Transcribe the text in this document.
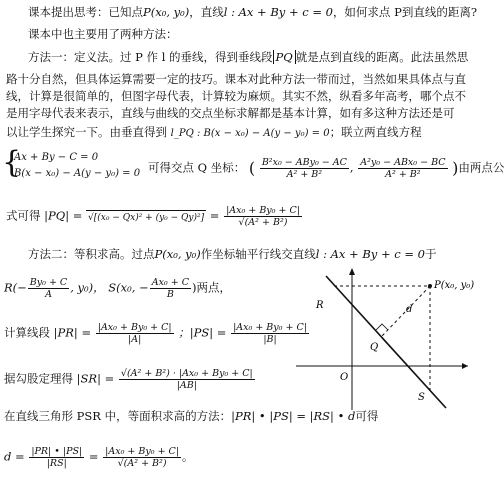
课本提出思考：已知点P(x₀, y₀)，直线l : Ax + By + c = 0，如何求点 P到直线的距离?
课本中也主要用了两种方法：
方法一：定义法。过 P 作 l 的垂线，得到垂线段 PQ 就是点到直线的距离。此法虽然思
路十分自然，但具体运算需要一定的技巧。课本对此种方法一带而过，当然如果具体点与直
线，计算是很简单的，但图字母代表，计算较为麻烦。其实不然，纵看多年高考，哪个点不
是用字母代表来表示，直线与曲线的交点坐标求解都是基本计算，如有多这种方法还是可
以让学生探究一下。由垂直得到 l_PQ : B(x − x₀) − A(y − y₀) = 0；联立两直线方程
{
Ax + By − C = 0
B(x − x₀) − A(y − y₀) = 0 可得交点 Q 坐标： ( $\frac{\text{B²x₀ − ABy₀ − AC}}{\text{A² + B²}}$ , $\frac{\text{A²y₀ − ABx₀ − BC}}{\text{A² + B²}}$ )由两点公
式可得 $|PQ| = √[(x_0 - Qx)^2 + (y_0 - Qy)^2] = \frac{\text{|Ax₀ + By₀ + C|}}{\text{√(A² + B²)}}$
方法二：等积求高。过点P(x₀, y₀)作坐标轴平行线交直线l : Ax + By + c = 0于
$R(- \frac{\text{By₀ + C}}{A}$ , y₀)， S(x₀, − $\frac{\text{Ax₀ + C}}{B}$ )两点，
计算线段 $|PR| = \frac{\text{|Ax₀ + By₀ + C|}}{|A|}$ ；$|PS| = \frac{\text{|Ax₀ + By₀ + C|}}{|B|}$
据勾股定理得 $|SR| = \frac{\text{√(A² + B²) · |Ax₀ + By₀ + C|}}{|AB|}$
在直线三角形 PSR 中，等面积求高的方法：|PR| • |PS| = |RS| • d可得
$d = \frac{|PR| • |PS|}{|RS|} = \frac{\text{|Ax₀ + By₀ + C|}}{\text{√(A² + B²)}}$ 。
P(x₀, y₀)
R
S
Q
O
d
